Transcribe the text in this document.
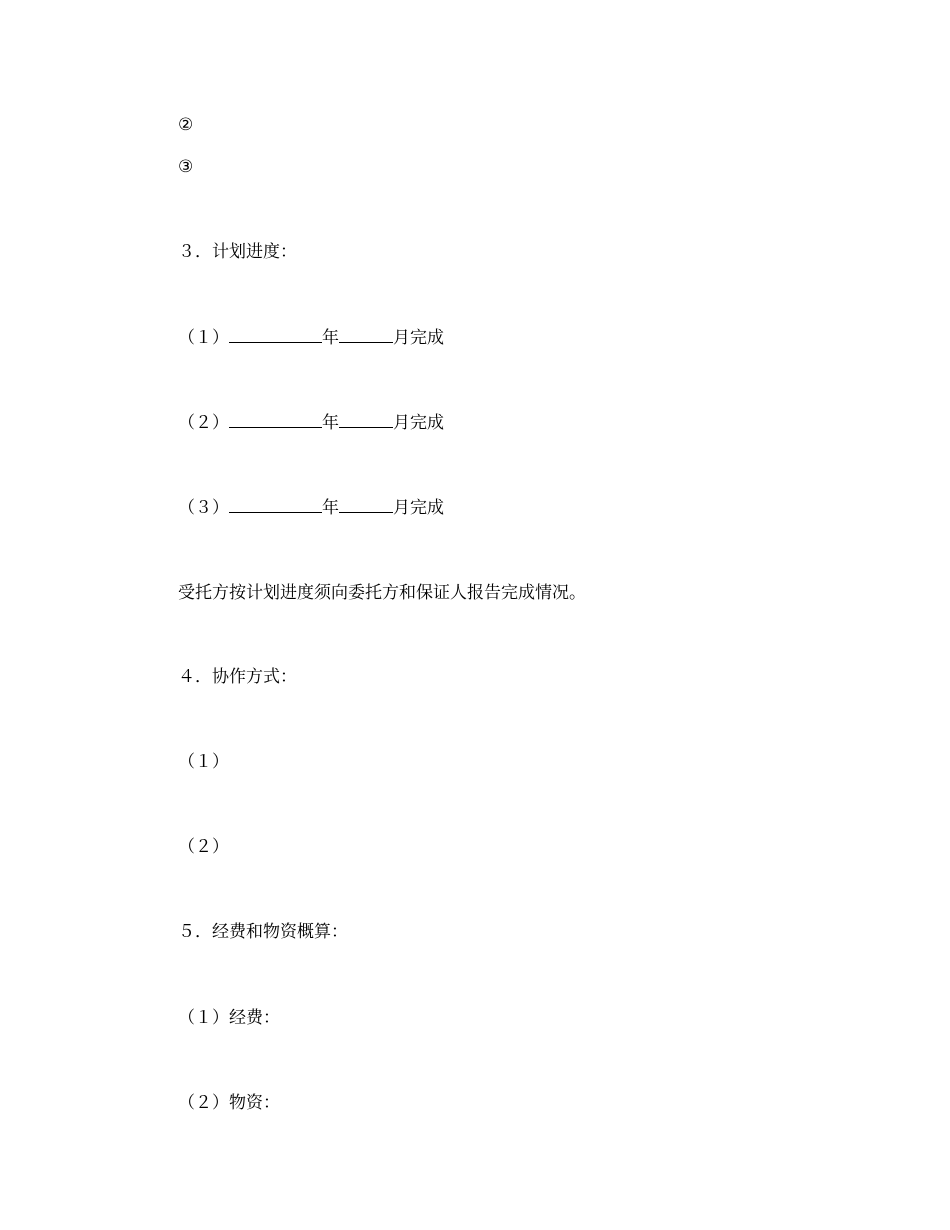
②
③
３．计划进度：
（１）	年	月完成
（２）	年	月完成
（３）	年	月完成
受托方按计划进度须向委托方和保证人报告完成情况。
４．协作方式：
（１）
（２）
５．经费和物资概算：
（１）经费：
（２）物资：
